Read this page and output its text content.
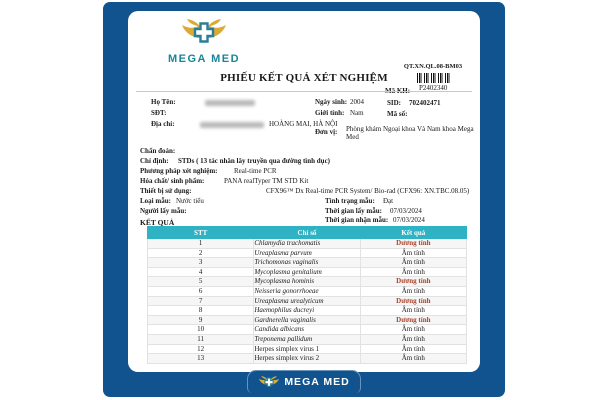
MEGA MED
PHIẾU KẾT QUẢ XÉT NGHIỆM
QT.XN.QL.08-BM03
Mã KH: P2402340
SID: 702402471
Mã số:
Họ Tên:
SĐT:
Địa chỉ:	HOÀNG MAI, HÀ NỘI
Ngày sinh: 2004
Giới tính: Nam
Đơn vị: Phòng khám Ngoại khoa Và Nam khoa Mega Med
Chẩn đoán:
Chỉ định: STDs ( 13 tác nhân lây truyền qua đường tình dục)
Phương pháp xét nghiệm: Real-time PCR
Hóa chất/ sinh phẩm:	PANA realTyper TM STD Kit
Thiết bị sử dụng:	CFX96™ Dx Real-time PCR System/ Bio-rad (CFX96: XN.TBC.08.05)
Loại mẫu: Nước tiểu
Người lấy mẫu:
Tình trạng mẫu: Đạt
Thời gian lấy mẫu: 07/03/2024
Thời gian nhận mẫu: 07/03/2024
KẾT QUẢ
STT	Chỉ số	Kết quả
1	Chlamydia trachomatis	Dương tính
2	Ureaplasma parvum	Âm tính
3	Trichomonas vaginalis	Âm tính
4	Mycoplasma genitalium	Âm tính
5	Mycoplasma hominis	Dương tính
6	Neisseria gonorrhoeae	Âm tính
7	Ureaplasma urealyticum	Dương tính
8	Haemophilus ducreyi	Âm tính
9	Gardnerella vaginalis	Dương tính
10	Candida albicans	Âm tính
11	Treponema pallidum	Âm tính
12	Herpes simplex virus 1	Âm tính
13	Herpes simplex virus 2	Âm tính
MEGA MED
